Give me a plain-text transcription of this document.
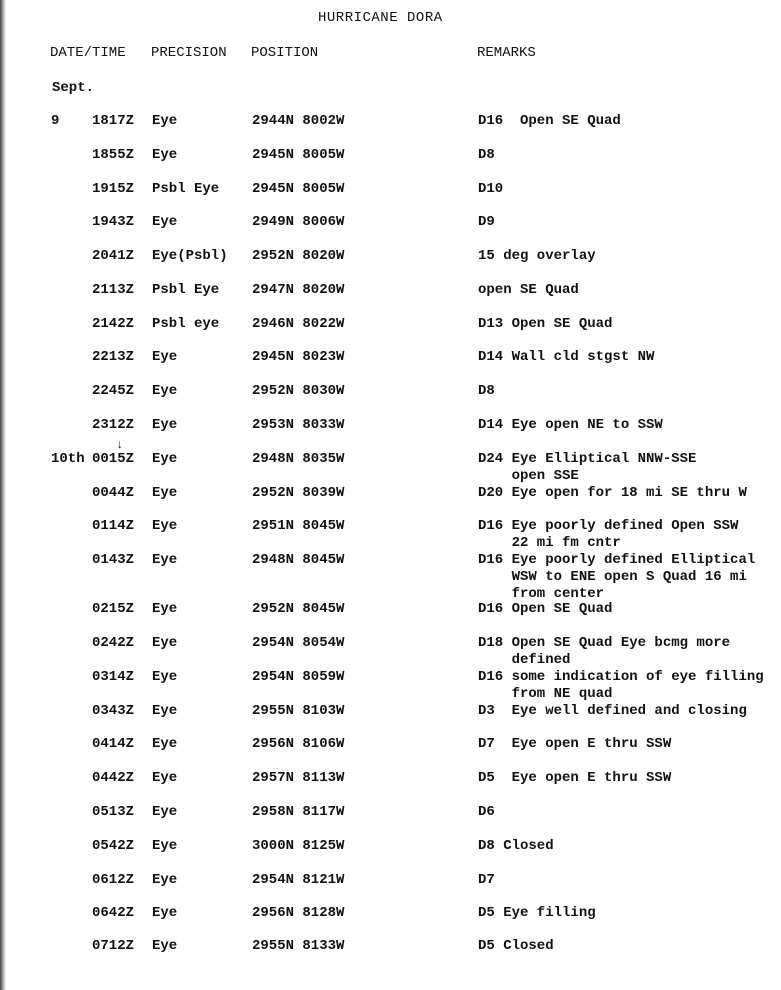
HURRICANE DORA
DATE/TIME PRECISION POSITION	REMARKS
Sept.
9 1817Z Eye	2944N 8002W	D16  Open SE Quad
1855Z Eye	2945N 8005W	D8
1915Z Psbl Eye 2945N 8005W	D10
1943Z Eye	2949N 8006W	D9
2041Z Eye(Psbl) 2952N 8020W	15 deg overlay
2113Z Psbl Eye 2947N 8020W	open SE Quad
2142Z Psbl eye 2946N 8022W	D13 Open SE Quad
2213Z Eye	2945N 8023W	D14 Wall cld stgst NW
2245Z Eye	2952N 8030W	D8
2312Z Eye	2953N 8033W	D14 Eye open NE to SSW
10th 0015Z Eye	2948N 8035W	D24 Eye Elliptical NNW-SSE
open SSE
0044Z Eye	2952N 8039W	D20 Eye open for 18 mi SE thru W
0114Z Eye	2951N 8045W	D16 Eye poorly defined Open SSW
22 mi fm cntr
0143Z Eye	2948N 8045W	D16 Eye poorly defined Elliptical
WSW to ENE open S Quad 16 mi
from center
0215Z Eye	2952N 8045W	D16 Open SE Quad
0242Z Eye	2954N 8054W	D18 Open SE Quad Eye bcmg more
defined
0314Z Eye	2954N 8059W	D16 some indication of eye filling
from NE quad
0343Z Eye	2955N 8103W	D3  Eye well defined and closing
0414Z Eye	2956N 8106W	D7  Eye open E thru SSW
0442Z Eye	2957N 8113W	D5  Eye open E thru SSW
0513Z Eye	2958N 8117W	D6
0542Z Eye	3000N 8125W	D8 Closed
0612Z Eye	2954N 8121W	D7
0642Z Eye	2956N 8128W	D5 Eye filling
0712Z Eye	2955N 8133W	D5 Closed
↓
